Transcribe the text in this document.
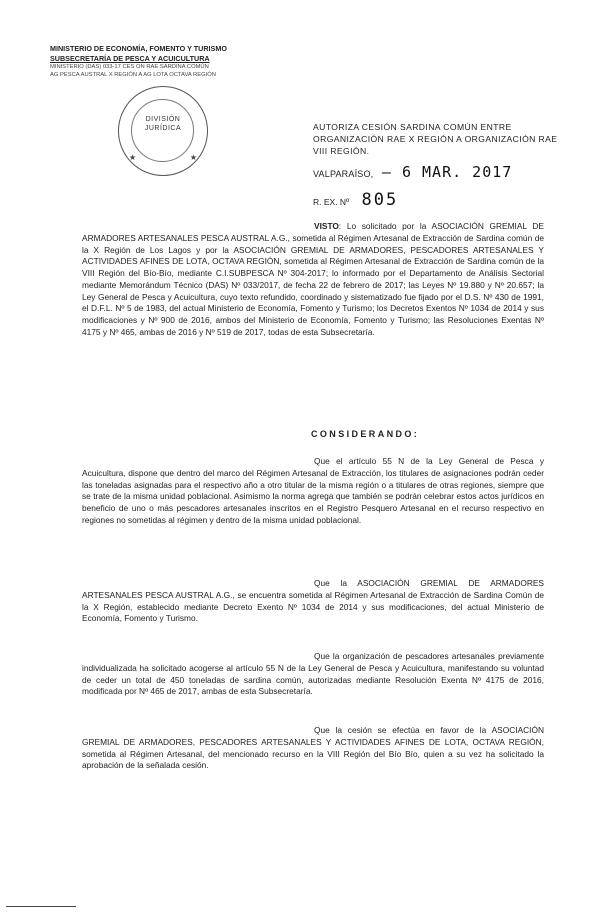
MINISTERIO DE ECONOMÍA, FOMENTO Y TURISMO
SUBSECRETARÍA DE PESCA Y ACUICULTURA
MINISTERIO (DAS) 033-17 CES ON RAE SARDINA COMÚN
AG PESCA AUSTRAL X REGIÓN A AG LOTA OCTAVA REGIÓN
DIVISIÓN
JURÍDICA
★	★
AUTORIZA CESIÓN SARDINA COMÚN ENTRE ORGANIZACIÓN RAE X REGIÓN A ORGANIZACIÓN RAE VIII REGIÓN.
VALPARAÍSO, – 6 MAR. 2017
R. EX. Nº 805
VISTO: Lo solicitado por la ASOCIACIÓN GREMIAL DE ARMADORES ARTESANALES PESCA AUSTRAL A.G., sometida al Régimen Artesanal de Extracción de Sardina común de la X Región de Los Lagos y por la ASOCIACIÓN GREMIAL DE ARMADORES, PESCADORES ARTESANALES Y ACTIVIDADES AFINES DE LOTA, OCTAVA REGIÓN, sometida al Régimen Artesanal de Extracción de Sardina común de la VIII Región del Bío-Bío, mediante C.I.SUBPESCA Nº 304-2017; lo informado por el Departamento de Análisis Sectorial mediante Memorándum Técnico (DAS) Nº 033/2017, de fecha 22 de febrero de 2017; las Leyes Nº 19.880 y Nº 20.657; la Ley General de Pesca y Acuicultura, cuyo texto refundido, coordinado y sistematizado fue fijado por el D.S. Nº 430 de 1991, el D.F.L. Nº 5 de 1983, del actual Ministerio de Economía, Fomento y Turismo; los Decretos Exentos Nº 1034 de 2014 y sus modificaciones y Nº 900 de 2016, ambos del Ministerio de Economía, Fomento y Turismo; las Resoluciones Exentas Nº 4175 y Nº 465, ambas de 2016 y Nº 519 de 2017, todas de esta Subsecretaría.
CONSIDERANDO:
Que el artículo 55 N de la Ley General de Pesca y Acuicultura, dispone que dentro del marco del Régimen Artesanal de Extracción, los titulares de asignaciones podrán ceder las toneladas asignadas para el respectivo año a otro titular de la misma región o a titulares de otras regiones, siempre que se trate de la misma unidad poblacional. Asimismo la norma agrega que también se podrán celebrar estos actos jurídicos en beneficio de uno o más pescadores artesanales inscritos en el Registro Pesquero Artesanal en el recurso respectivo en regiones no sometidas al régimen y dentro de la misma unidad poblacional.
Que la ASOCIACIÓN GREMIAL DE ARMADORES ARTESANALES PESCA AUSTRAL A.G., se encuentra sometida al Régimen Artesanal de Extracción de Sardina Común de la X Región, establecido mediante Decreto Exento Nº 1034 de 2014 y sus modificaciones, del actual Ministerio de Economía, Fomento y Turismo.
Que la organización de pescadores artesanales previamente individualizada ha solicitado acogerse al artículo 55 N de la Ley General de Pesca y Acuicultura, manifestando su voluntad de ceder un total de 450 toneladas de sardina común, autorizadas mediante Resolución Exenta Nº 4175 de 2016, modificada por Nº 465 de 2017, ambas de esta Subsecretaría.
Que la cesión se efectúa en favor de la ASOCIACIÓN GREMIAL DE ARMADORES, PESCADORES ARTESANALES Y ACTIVIDADES AFINES DE LOTA, OCTAVA REGIÓN, sometida al Régimen Artesanal, del mencionado recurso en la VIII Región del Bío Bío, quien a su vez ha solicitado la aprobación de la señalada cesión.
